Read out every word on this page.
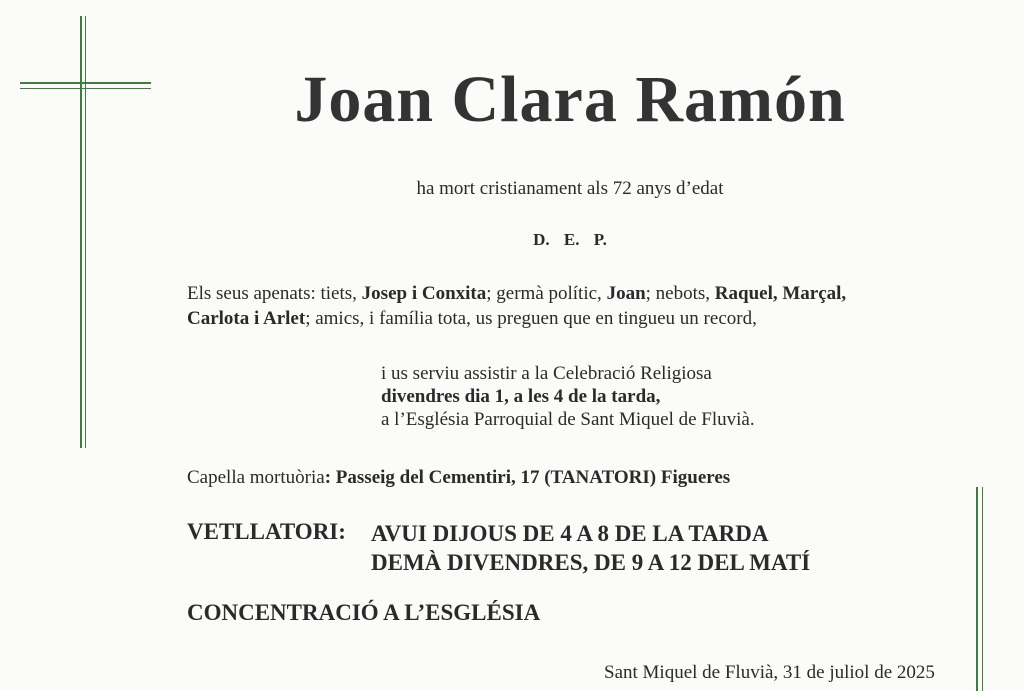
Joan Clara Ramón
ha mort cristianament als 72 anys d’edat
D. E. P.
Els seus apenats: tiets, Josep i Conxita; germà polític, Joan; nebots, Raquel, Marçal,
Carlota i Arlet; amics, i família tota, us preguen que en tingueu un record,
i us serviu assistir a la Celebració Religiosa
divendres dia 1, a les 4 de la tarda,
a l’Església Parroquial de Sant Miquel de Fluvià.
Capella mortuòria: Passeig del Cementiri, 17 (TANATORI) Figueres
VETLLATORI: AVUI DIJOUS DE 4 A 8 DE LA TARDA
DEMÀ DIVENDRES, DE 9 A 12 DEL MATÍ
CONCENTRACIÓ A L’ESGLÉSIA
Sant Miquel de Fluvià, 31 de juliol de 2025
